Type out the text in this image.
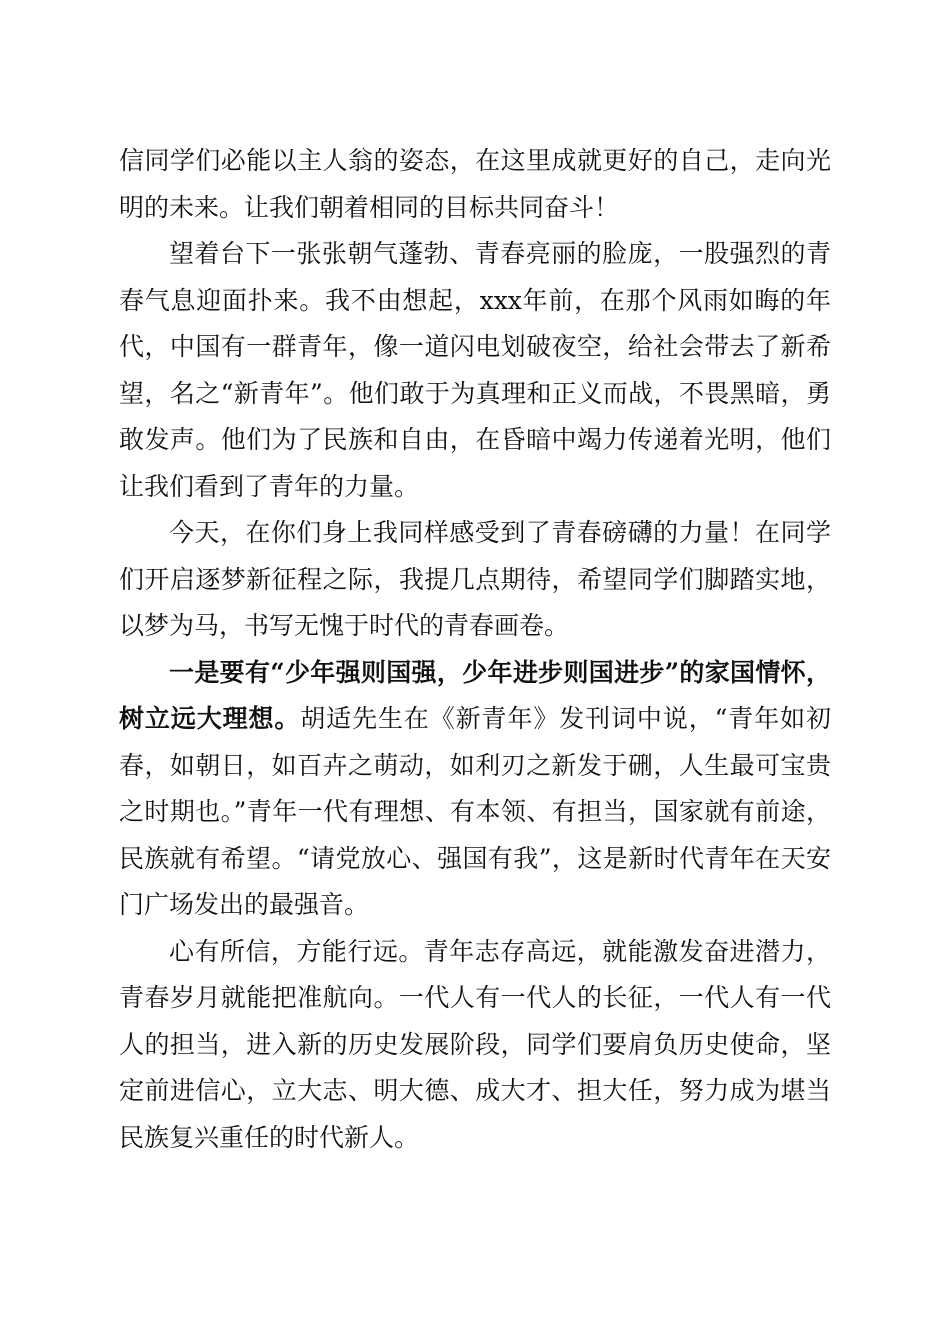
信同学们必能以主人翁的姿态，在这里成就更好的自己，走向光明的未来。让我们朝着相同的目标共同奋斗！

望着台下一张张朝气蓬勃、青春亮丽的脸庞，一股强烈的青春气息迎面扑来。我不由想起，xxx年前，在那个风雨如晦的年代，中国有一群青年，像一道闪电划破夜空，给社会带去了新希望，名之“新青年”。他们敢于为真理和正义而战，不畏黑暗，勇敢发声。他们为了民族和自由，在昏暗中竭力传递着光明，他们让我们看到了青年的力量。

今天，在你们身上我同样感受到了青春磅礴的力量！在同学们开启逐梦新征程之际，我提几点期待，希望同学们脚踏实地，以梦为马，书写无愧于时代的青春画卷。

一是要有“少年强则国强，少年进步则国进步”的家国情怀，树立远大理想。胡适先生在《新青年》发刊词中说，“青年如初春，如朝日，如百卉之萌动，如利刃之新发于硎，人生最可宝贵之时期也。”青年一代有理想、有本领、有担当，国家就有前途，民族就有希望。“请党放心、强国有我”，这是新时代青年在天安门广场发出的最强音。

心有所信，方能行远。青年志存高远，就能激发奋进潜力，青春岁月就能把准航向。一代人有一代人的长征，一代人有一代人的担当，进入新的历史发展阶段，同学们要肩负历史使命，坚定前进信心，立大志、明大德、成大才、担大任，努力成为堪当民族复兴重任的时代新人。
